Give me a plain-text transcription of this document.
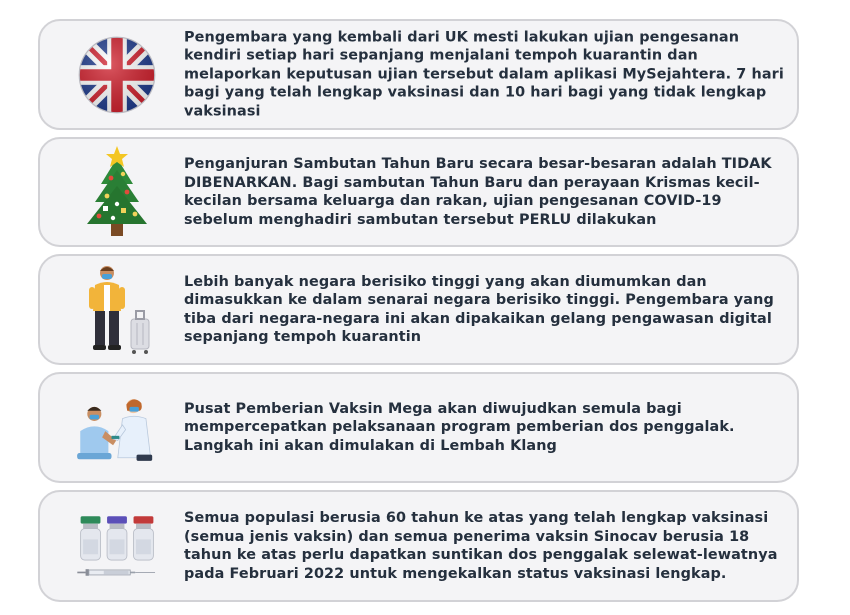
Pengembara yang kembali dari UK mesti lakukan ujian pengesanan kendiri setiap hari sepanjang menjalani tempoh kuarantin dan melaporkan keputusan ujian tersebut dalam aplikasi MySejahtera. 7 hari bagi yang telah lengkap vaksinasi dan 10 hari bagi yang tidak lengkap vaksinasi

Penganjuran Sambutan Tahun Baru secara besar-besaran adalah TIDAK DIBENARKAN. Bagi sambutan Tahun Baru dan perayaan Krismas kecil-kecilan bersama keluarga dan rakan, ujian pengesanan COVID-19 sebelum menghadiri sambutan tersebut PERLU dilakukan

Lebih banyak negara berisiko tinggi yang akan diumumkan dan dimasukkan ke dalam senarai negara berisiko tinggi. Pengembara yang tiba dari negara-negara ini akan dipakaikan gelang pengawasan digital sepanjang tempoh kuarantin

Pusat Pemberian Vaksin Mega akan diwujudkan semula bagi mempercepatkan pelaksanaan program pemberian dos penggalak. Langkah ini akan dimulakan di Lembah Klang

Semua populasi berusia 60 tahun ke atas yang telah lengkap vaksinasi (semua jenis vaksin) dan semua penerima vaksin Sinocav berusia 18 tahun ke atas perlu dapatkan suntikan dos penggalak selewat-lewatnya pada Februari 2022 untuk mengekalkan status vaksinasi lengkap.
